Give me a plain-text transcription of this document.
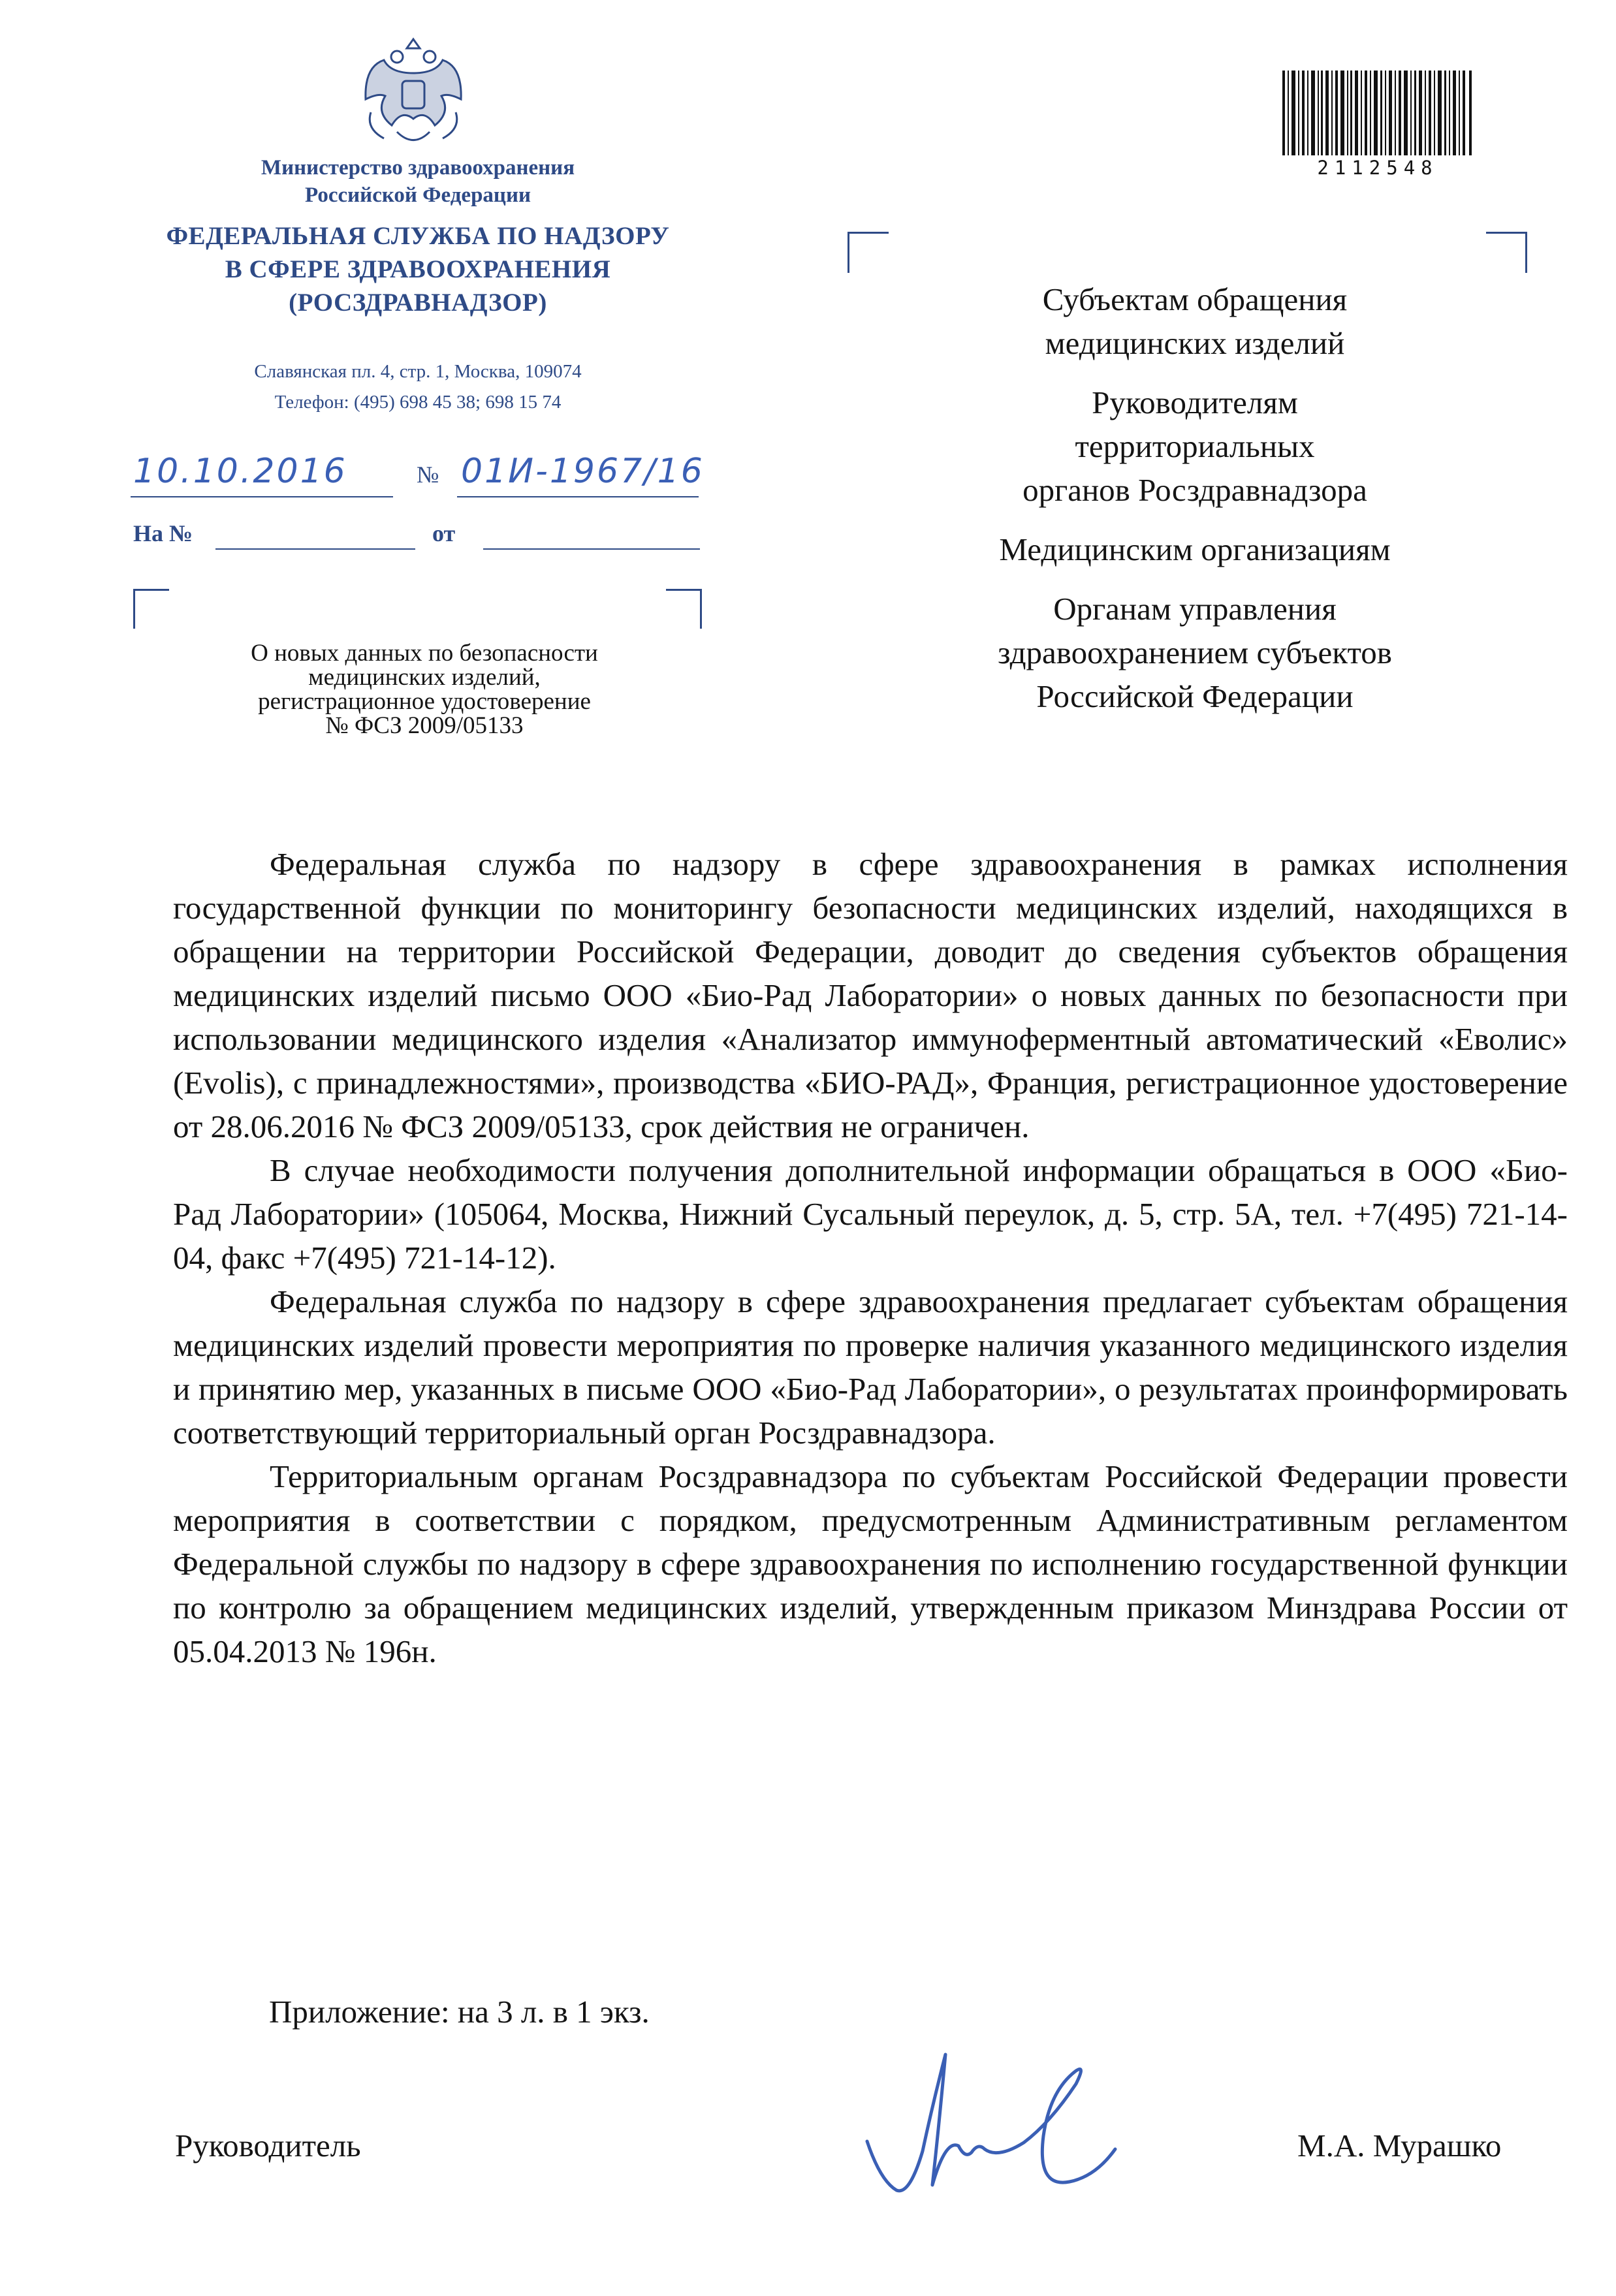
Министерство здравоохранения
Российской Федерации
ФЕДЕРАЛЬНАЯ СЛУЖБА ПО НАДЗОРУ
В СФЕРЕ ЗДРАВООХРАНЕНИЯ
(РОСЗДРАВНАДЗОР)
Славянская пл. 4, стр. 1, Москва, 109074
Телефон: (495) 698 45 38; 698 15 74
10.10.2016	№ 01И-1967/16
На №	от
О новых данных по безопасности
медицинских изделий,
регистрационное удостоверение
№ ФСЗ 2009/05133
2112548
Субъектам обращения
медицинских изделий
Руководителям
территориальных
органов Росздравнадзора
Медицинским организациям
Органам управления
здравоохранением субъектов
Российской Федерации

Федеральная служба по надзору в сфере здравоохранения в рамках исполнения государственной функции по мониторингу безопасности медицинских изделий, находящихся в обращении на территории Российской Федерации, доводит до сведения субъектов обращения медицинских изделий письмо ООО «Био-Рад Лаборатории» о новых данных по безопасности при использовании медицинского изделия «Анализатор иммуноферментный автоматический «Еволис» (Evolis), с принадлежностями», производства «БИО-РАД», Франция, регистрационное удостоверение от 28.06.2016 № ФСЗ 2009/05133, срок действия не ограничен.

В случае необходимости получения дополнительной информации обращаться в ООО «Био-Рад Лаборатории» (105064, Москва, Нижний Сусальный переулок, д. 5, стр. 5А, тел. +7(495) 721-14-04, факс +7(495) 721-14-12).

Федеральная служба по надзору в сфере здравоохранения предлагает субъектам обращения медицинских изделий провести мероприятия по проверке наличия указанного медицинского изделия и принятию мер, указанных в письме ООО «Био-Рад Лаборатории», о результатах проинформировать соответствующий территориальный орган Росздравнадзора.

Территориальным органам Росздравнадзора по субъектам Российской Федерации провести мероприятия в соответствии с порядком, предусмотренным Административным регламентом Федеральной службы по надзору в сфере здравоохранения по исполнению государственной функции по контролю за обращением медицинских изделий, утвержденным приказом Минздрава России от 05.04.2013 № 196н.

Приложение: на 3 л. в 1 экз.
Руководитель	М.А. Мурашко
